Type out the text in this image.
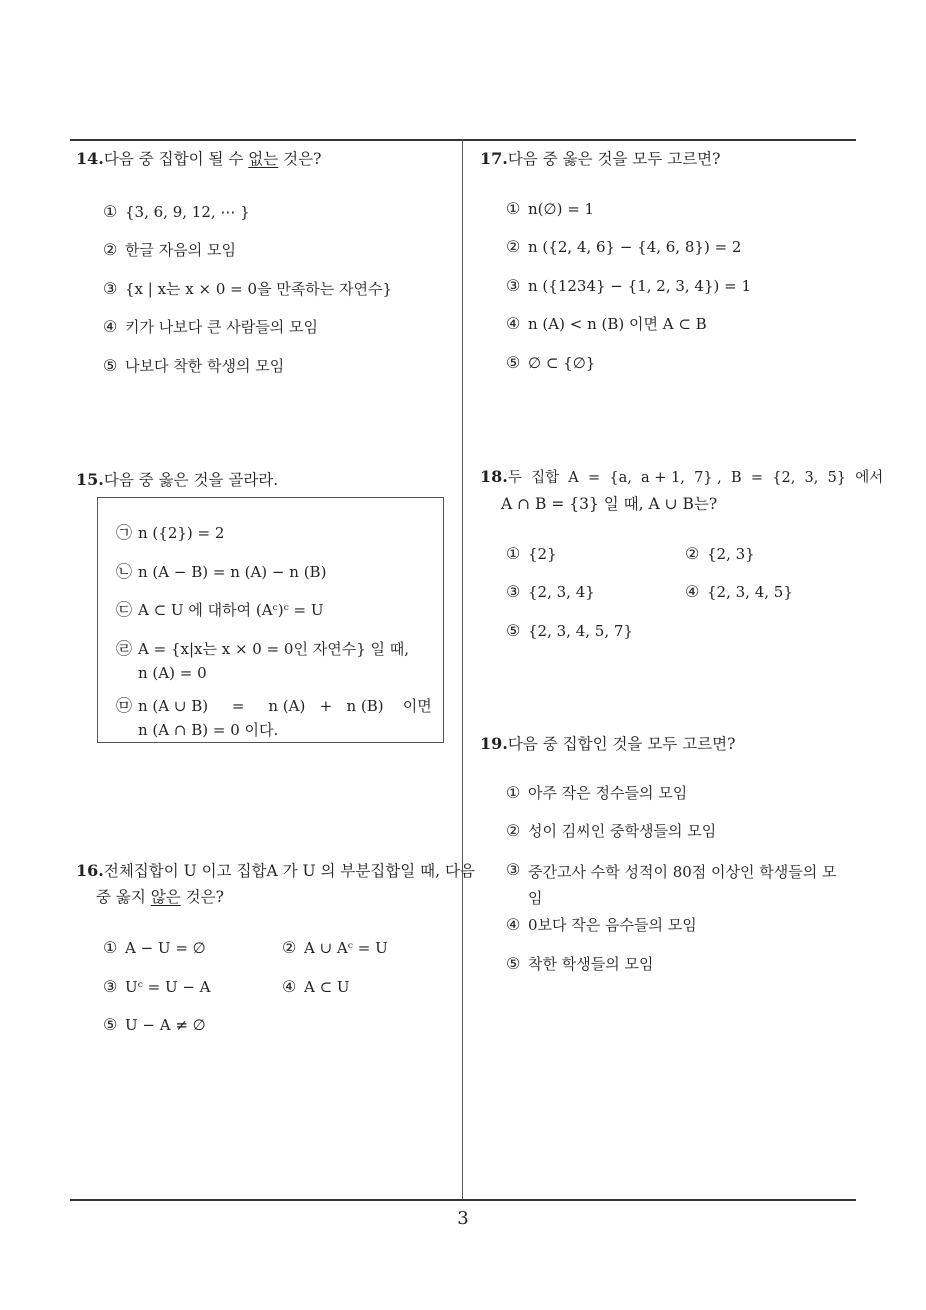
14.다음 중 집합이 될 수 없는 것은?
① {3, 6, 9, 12, ⋯ }
② 한글 자음의 모임
③ {x | x는 x × 0 = 0을 만족하는 자연수}
④ 키가 나보다 큰 사람들의 모임
⑤ 나보다 착한 학생의 모임
15.다음 중 옳은 것을 골라라.
㉠ n ({2}) = 2
㉡ n (A − B) = n (A) − n (B)
㉢ A ⊂ U 에 대하여 (Aᶜ)ᶜ = U
㉣ A = {x|x는 x × 0 = 0인 자연수} 일 때,
n (A) = 0
㉤ n (A ∪ B)     =     n (A)   +   n (B)    이면
n (A ∩ B) = 0 이다.
16.전체집합이 U 이고 집합A 가 U 의 부분집합일 때, 다음
중 옳지 않은 것은?
① A − U = ∅	② A ∪ Aᶜ = U
③ Uᶜ = U − A	④ A ⊂ U
⑤ U − A ≠ ∅
17.다음 중 옳은 것을 모두 고르면?
① n(∅) = 1
② n ({2, 4, 6} − {4, 6, 8}) = 2
③ n ({1234} − {1, 2, 3, 4}) = 1
④ n (A) < n (B) 이면 A ⊂ B
⑤ ∅ ⊂ {∅}
18.두  집합  A  =  {a,  a + 1,  7} ,  B  =  {2,  3,  5}  에서
A ∩ B = {3} 일 때, A ∪ B는?
① {2}	② {2, 3}
③ {2, 3, 4}	④ {2, 3, 4, 5}
⑤ {2, 3, 4, 5, 7}
19.다음 중 집합인 것을 모두 고르면?
① 아주 작은 정수들의 모임
② 성이 김씨인 중학생들의 모임
③ 중간고사 수학 성적이 80점 이상인 학생들의 모
임
④ 0보다 작은 음수들의 모임
⑤ 착한 학생들의 모임
3
